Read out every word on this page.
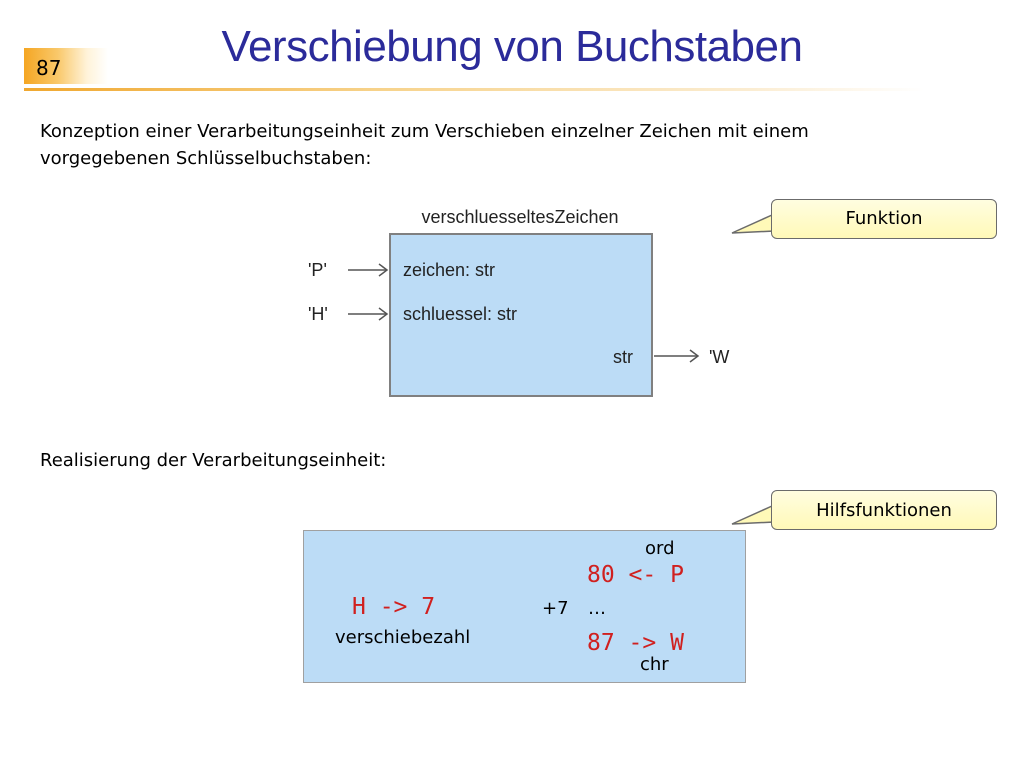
87	Verschiebung von Buchstaben
Konzeption einer Verarbeitungseinheit zum Verschieben einzelner Zeichen mit einem vorgegebenen Schlüsselbuchstaben:
Funktion
verschluesseltesZeichen
zeichen: str
schluessel: str
str
'P'
'H'
'W
Realisierung der Verarbeitungseinheit:
Hilfsfunktionen
ord
80 <- P
H -> 7	+7 …
verschiebezahl	87 -> W
chr
